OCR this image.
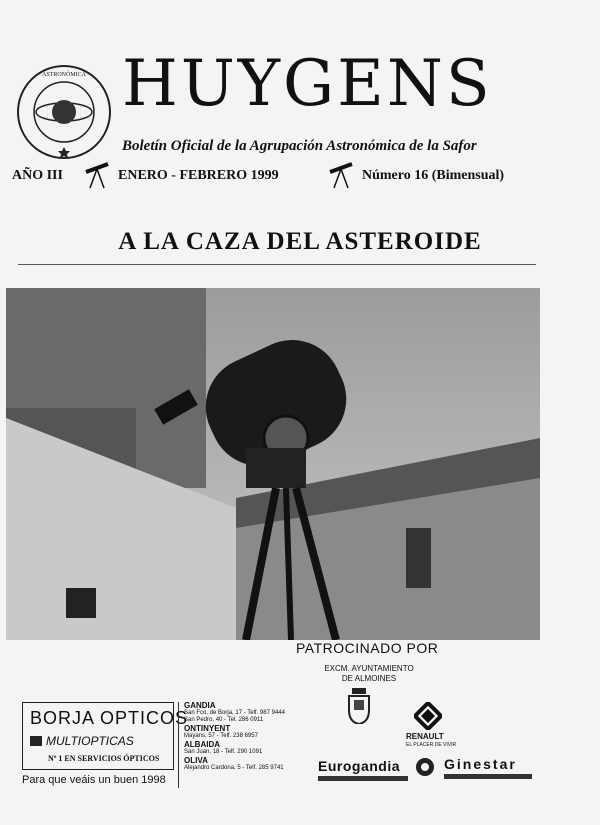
· ASTRONÒMICA · HUYGENS
Boletín Oficial de la Agrupación Astronómica de la Safor
AÑO III	ENERO - FEBRERO 1999	Número 16 (Bimensual)
A LA CAZA DEL ASTEROIDE
PATROCINADO POR
EXCM. AYUNTAMIENTO
DE ALMOINES
BORJA OPTICOS
MULTIOPTICAS
Nº 1 EN SERVICIOS ÓPTICOS
Para que veáis un buen 1998
GANDIA
San Fco. de Borja, 17 - Telf. 987 9444
San Pedro, 40 - Tel. 286 0911
ONTINYENT
Mayans, 57 - Telf. 238 6957
ALBAIDA
San Juan, 18 - Telf. 290 1091
OLIVA
Alejandro Cardona, 5 - Telf. 285 9741
RENAULT
EL PLACER DE VIVIR
Eurogandia	Ginestar
